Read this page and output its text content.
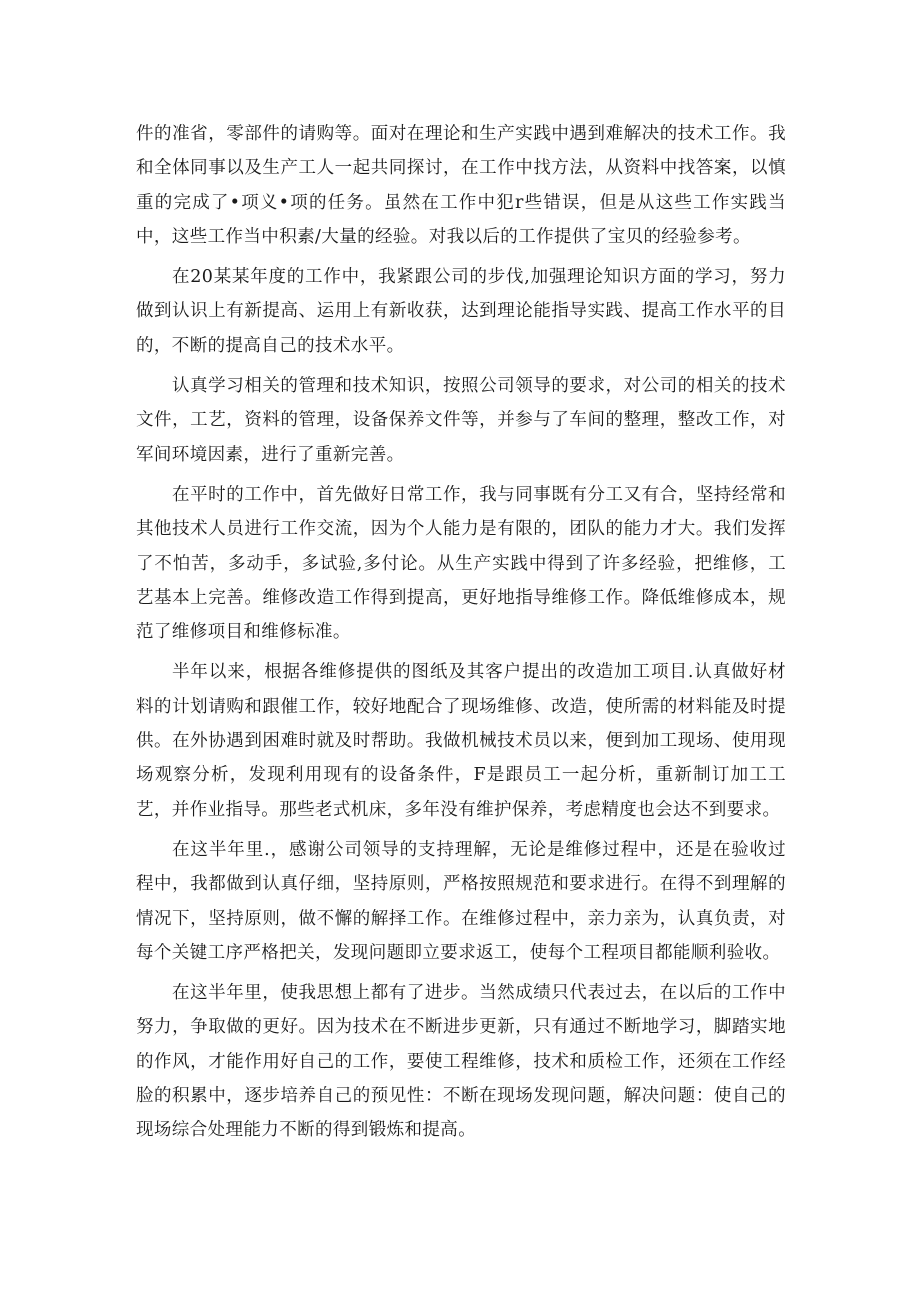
件的准省，零部件的请购等。面对在理论和生产实践中遇到难解决的技术工作。我和全体同事以及生产工人一起共同探讨，在工作中找方法，从资料中找答案，以慎重的完成了•项义•项的任务。虽然在工作中犯r些错误，但是从这些工作实践当中，这些工作当中积素/大量的经验。对我以后的工作提供了宝贝的经验参考。

在20某某年度的工作中，我紧跟公司的步伐,加强理论知识方面的学习，努力做到认识上有新提高、运用上有新收获，达到理论能指导实践、提高工作水平的目的，不断的提高自己的技术水平。

认真学习相关的管理和技术知识，按照公司领导的要求，对公司的相关的技术文件，工艺，资料的管理，设备保养文件等，并参与了车间的整理，整改工作，对军间环境因素，进行了重新完善。

在平时的工作中，首先做好日常工作，我与同事既有分工又有合，坚持经常和其他技术人员进行工作交流，因为个人能力是有限的，团队的能力才大。我们发挥了不怕苦，多动手，多试验,多付论。从生产实践中得到了许多经验，把维修，工艺基本上完善。维修改造工作得到提高，更好地指导维修工作。降低维修成本，规范了维修项目和维修标准。

半年以来，根据各维修提供的图纸及其客户提出的改造加工项目.认真做好材料的计划请购和跟催工作，较好地配合了现场维修、改造，使所需的材料能及时提供。在外协遇到困难时就及时帮助。我做机械技术员以来，便到加工现场、使用现场观察分析，发现利用现有的设备条件，F是跟员工一起分析，重新制订加工工艺，并作业指导。那些老式机床，多年没有维护保养，考虑精度也会达不到要求。

在这半年里.，感谢公司领导的支持理解，无论是维修过程中，还是在验收过程中，我都做到认真仔细，坚持原则，严格按照规范和要求进行。在得不到理解的情况下，坚持原则，做不懈的解择工作。在维修过程中，亲力亲为，认真负责，对每个关键工序严格把关，发现问题即立要求返工，使每个工程项目都能顺利验收。

在这半年里，使我思想上都有了进步。当然成绩只代表过去，在以后的工作中努力，争取做的更好。因为技术在不断进步更新，只有通过不断地学习，脚踏实地的作风，才能作用好自己的工作，要使工程维修，技术和质检工作，还须在工作经脸的积累中，逐步培养自己的预见性：不断在现场发现问题，解决问题：使自己的现场综合处理能力不断的得到锻炼和提高。
